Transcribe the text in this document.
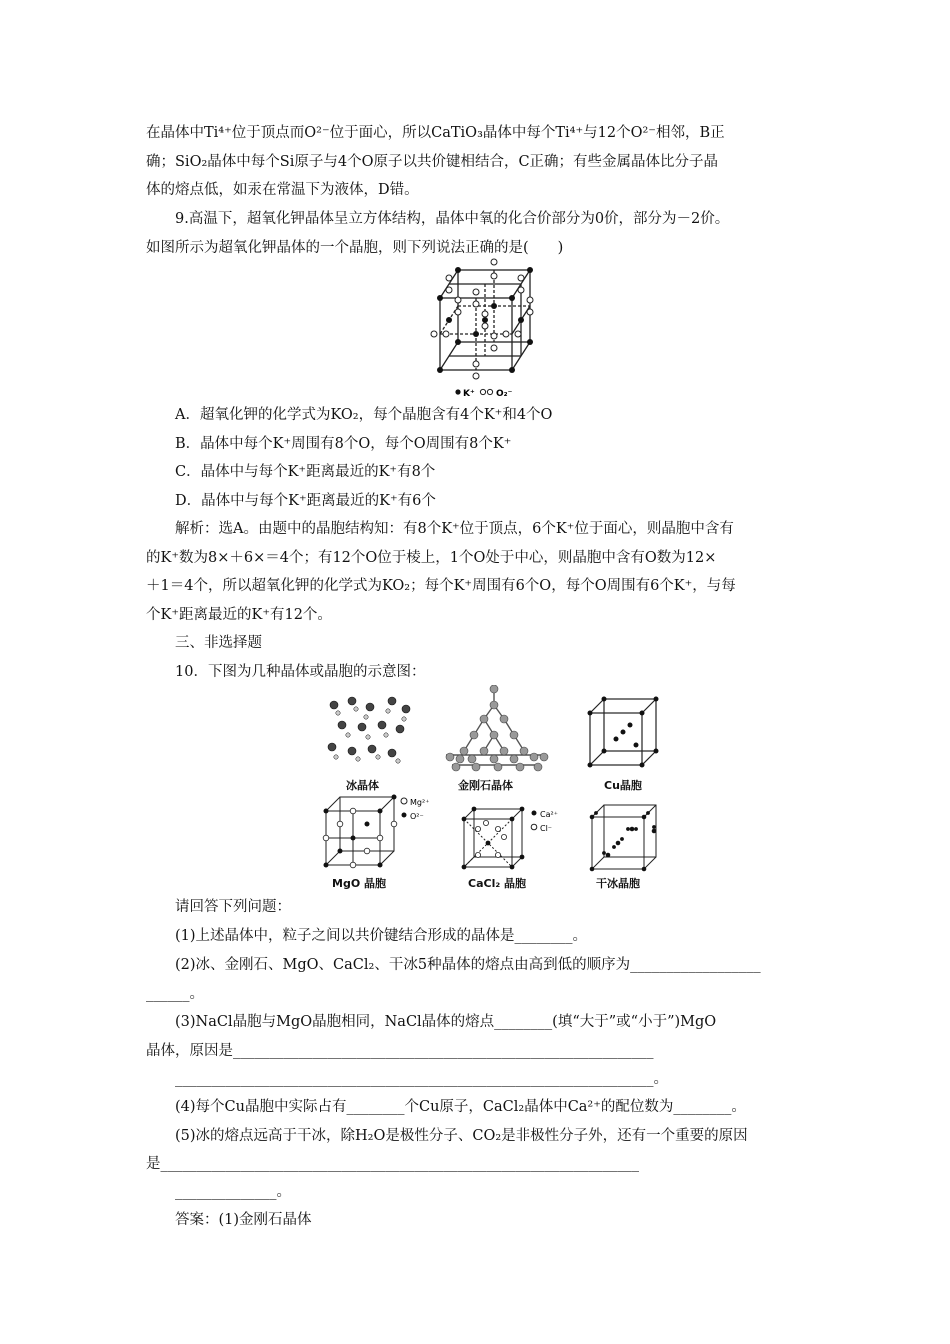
在晶体中Ti⁴⁺位于顶点而O²⁻位于面心，所以CaTiO₃晶体中每个Ti⁴⁺与12个O²⁻相邻，B正
确；SiO₂晶体中每个Si原子与4个O原子以共价键相结合，C正确；有些金属晶体比分子晶
体的熔点低，如汞在常温下为液体，D错。
9.高温下，超氧化钾晶体呈立方体结构，晶体中氧的化合价部分为0价，部分为－2价。
如图所示为超氧化钾晶体的一个晶胞，则下列说法正确的是(　　)
K⁺ O₂⁻
A．超氧化钾的化学式为KO₂，每个晶胞含有4个K⁺和4个O
B．晶体中每个K⁺周围有8个O，每个O周围有8个K⁺
C．晶体中与每个K⁺距离最近的K⁺有8个
D．晶体中与每个K⁺距离最近的K⁺有6个
解析：选A。由题中的晶胞结构知：有8个K⁺位于顶点，6个K⁺位于面心，则晶胞中含有
的K⁺数为8×＋6×＝4个；有12个O位于棱上，1个O处于中心，则晶胞中含有O数为12×
＋1＝4个，所以超氧化钾的化学式为KO₂；每个K⁺周围有6个O，每个O周围有6个K⁺，与每
个K⁺距离最近的K⁺有12个。
三、非选择题
10．下图为几种晶体或晶胞的示意图：
冰晶体	金刚石晶体	Cu晶胞
Mg²⁺
O²⁻
MgO 晶胞
Ca²⁺
Cl⁻
CaCl₂ 晶胞	干冰晶胞
请回答下列问题：
(1)上述晶体中，粒子之间以共价键结合形成的晶体是________。
(2)冰、金刚石、MgO、CaCl₂、干冰5种晶体的熔点由高到低的顺序为__________________
______。
(3)NaCl晶胞与MgO晶胞相同，NaCl晶体的熔点________(填“大于”或“小于”)MgO
晶体，原因是__________________________________________________________
__________________________________________________________________。
(4)每个Cu晶胞中实际占有________个Cu原子，CaCl₂晶体中Ca²⁺的配位数为________。
(5)冰的熔点远高于干冰，除H₂O是极性分子、CO₂是非极性分子外，还有一个重要的原因
是__________________________________________________________________
______________。
答案：(1)金刚石晶体
